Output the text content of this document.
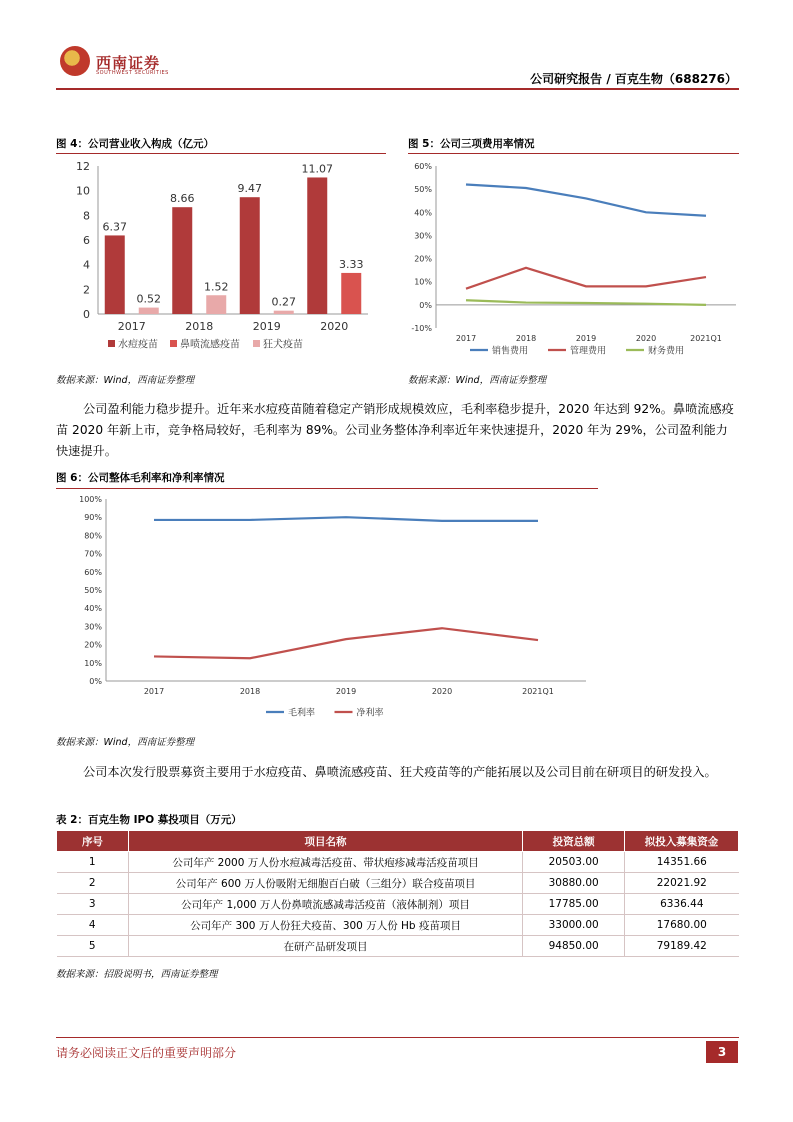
西南证券
SOUTHWEST SECURITIES	公司研究报告 / 百克生物（688276）
图 4：公司营业收入构成（亿元）
0
2
4
6
8
10
12
2017
6.37
0.52
2018
8.66
1.52
2019
9.47
0.27
2020
11.07
3.33
水痘疫苗 鼻喷流感疫苗 狂犬疫苗
数据来源：Wind，西南证券整理
图 5：公司三项费用率情况
-10%
0%
10%
20%
30%
40%
50%
60%
2017	2018	2019	2020	2021Q1
销售费用	管理费用	财务费用
数据来源：Wind，西南证券整理
公司盈利能力稳步提升。近年来水痘疫苗随着稳定产销形成规模效应，毛利率稳步提升，2020 年达到 92%。鼻喷流感疫苗 2020 年新上市，竞争格局较好，毛利率为 89%。公司业务整体净利率近年来快速提升，2020 年为 29%，公司盈利能力快速提升。
图 6：公司整体毛利率和净利率情况
0%
10%
20%
30%
40%
50%
60%
70%
80%
90%
100%
2017	2018	2019	2020	2021Q1
毛利率	净利率
数据来源：Wind，西南证券整理
公司本次发行股票募资主要用于水痘疫苗、鼻喷流感疫苗、狂犬疫苗等的产能拓展以及公司目前在研项目的研发投入。
表 2：百克生物 IPO 募投项目（万元）
序号	项目名称	投资总额	拟投入募集资金
1	公司年产 2000 万人份水痘减毒活疫苗、带状疱疹减毒活疫苗项目	20503.00	14351.66
2	公司年产 600 万人份吸附无细胞百白破（三组分）联合疫苗项目	30880.00	22021.92
3	公司年产 1,000 万人份鼻喷流感减毒活疫苗（液体制剂）项目	17785.00	6336.44
4	公司年产 300 万人份狂犬疫苗、300 万人份 Hb 疫苗项目	33000.00	17680.00
5	在研产品研发项目	94850.00	79189.42
数据来源：招股说明书，西南证券整理
请务必阅读正文后的重要声明部分	3
